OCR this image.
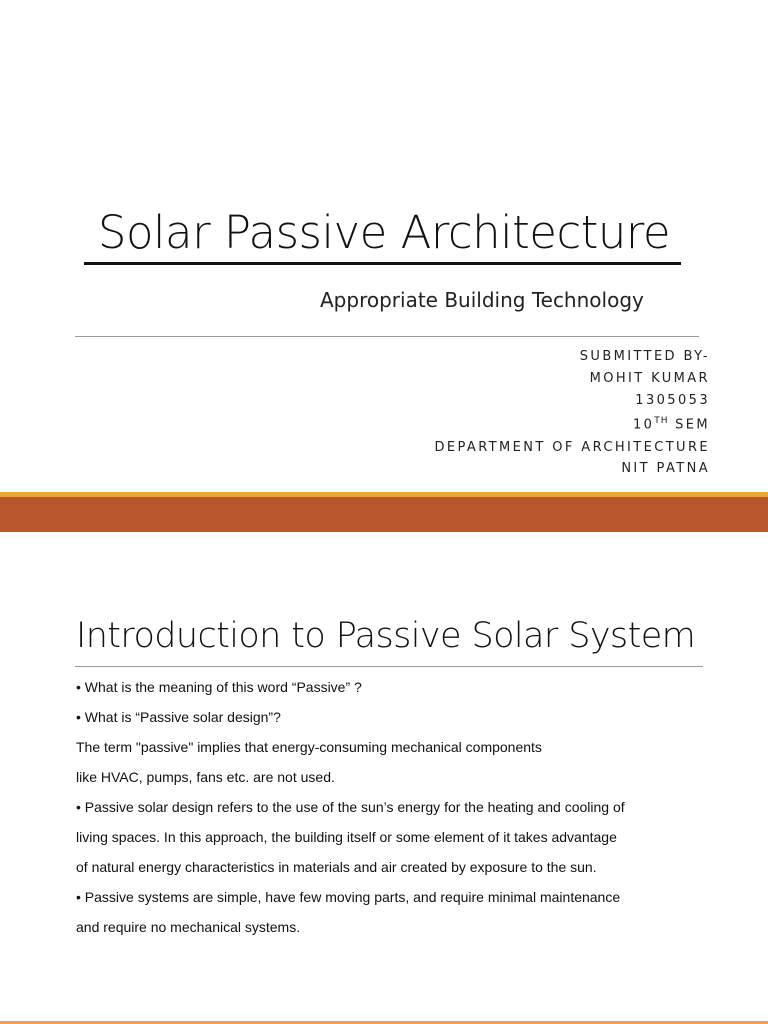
Solar Passive Architecture
Appropriate Building Technology
SUBMITTED BY-
MOHIT KUMAR
1305053
10TH SEM
DEPARTMENT OF ARCHITECTURE
NIT PATNA
Introduction to Passive Solar System
• What is the meaning of this word “Passive” ?
• What is “Passive solar design”?
The term "passive" implies that energy-consuming mechanical components
like HVAC, pumps, fans etc. are not used.
• Passive solar design refers to the use of the sun’s energy for the heating and cooling of
living spaces. In this approach, the building itself or some element of it takes advantage
of natural energy characteristics in materials and air created by exposure to the sun.
• Passive systems are simple, have few moving parts, and require minimal maintenance
and require no mechanical systems.
